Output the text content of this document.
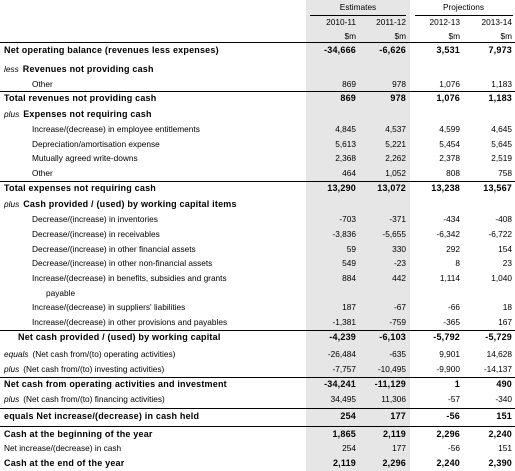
Estimates	Projections
2010-11	2011-12	2012-13	2013-14
$m	$m	$m	$m
Net operating balance (revenues less expenses)	-34,666	-6,626	3,531	7,973
less Revenues not providing cash
Other	869	978	1,076	1,183
Total revenues not providing cash	869	978	1,076	1,183
plus Expenses not requiring cash
Increase/(decrease) in employee entitlements	4,845	4,537	4,599	4,645
Depreciation/amortisation expense	5,613	5,221	5,454	5,645
Mutually agreed write-downs	2,368	2,262	2,378	2,519
Other	464	1,052	808	758
Total expenses not requiring cash	13,290	13,072	13,238	13,567
plus Cash provided / (used) by working capital items
Decrease/(increase) in inventories	-703	-371	-434	-408
Decrease/(increase) in receivables	-3,836	-5,655	-6,342	-6,722
Decrease/(increase) in other financial assets	59	330	292	154
Decrease/(increase) in other non-financial assets	549	-23	8	23
Increase/(decrease) in benefits, subsidies and grants	884	442	1,114	1,040
payable
Increase/(decrease) in suppliers' liabilities	187	-67	-66	18
Increase/(decrease) in other provisions and payables	-1,381	-759	-365	167
Net cash provided / (used) by working capital	-4,239	-6,103	-5,792	-5,729
equals (Net cash from/(to) operating activities)	-26,484	-635	9,901	14,628
plus (Net cash from/(to) investing activities)	-7,757	-10,495	-9,900	-14,137
Net cash from operating activities and investment	-34,241	-11,129	1	490
plus (Net cash from/(to) financing activities)	34,495	11,306	-57	-340
equals Net increase/(decrease) in cash held	254	177	-56	151
Cash at the beginning of the year	1,865	2,119	2,296	2,240
Net increase/(decrease) in cash	254	177	-56	151
Cash at the end of the year	2,119	2,296	2,240	2,390
